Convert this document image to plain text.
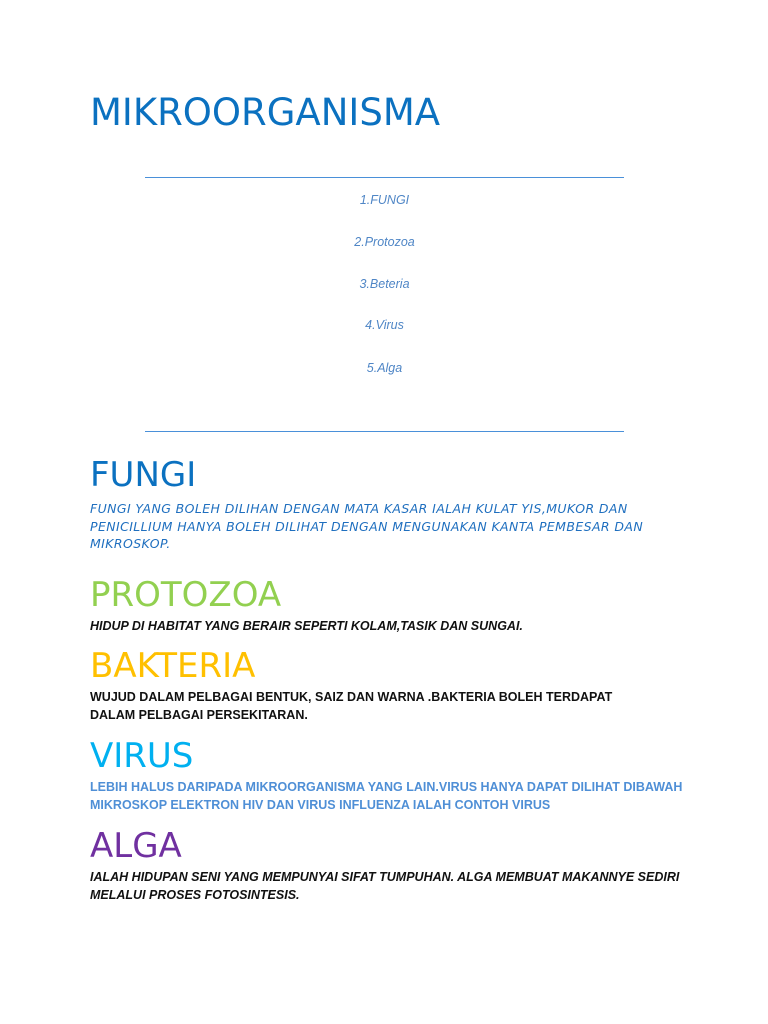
MIKROORGANISMA
1.FUNGI
2.Protozoa
3.Beteria
4.Virus
5.Alga
FUNGI

FUNGI YANG BOLEH DILIHAN DENGAN MATA KASAR IALAH KULAT YIS,MUKOR DAN PENICILLIUM HANYA BOLEH DILIHAT DENGAN MENGUNAKAN KANTA PEMBESAR DAN MIKROSKOP.

PROTOZOA

HIDUP DI HABITAT YANG BERAIR SEPERTI KOLAM,TASIK DAN SUNGAI.

BAKTERIA

WUJUD DALAM PELBAGAI BENTUK, SAIZ DAN WARNA .BAKTERIA BOLEH TERDAPAT DALAM PELBAGAI PERSEKITARAN.

VIRUS

LEBIH HALUS DARIPADA MIKROORGANISMA YANG LAIN.VIRUS HANYA DAPAT DILIHAT DIBAWAH MIKROSKOP ELEKTRON HIV DAN VIRUS INFLUENZA IALAH CONTOH VIRUS

ALGA

IALAH HIDUPAN SENI YANG MEMPUNYAI SIFAT TUMPUHAN. ALGA MEMBUAT MAKANNYE SEDIRI MELALUI PROSES FOTOSINTESIS.
